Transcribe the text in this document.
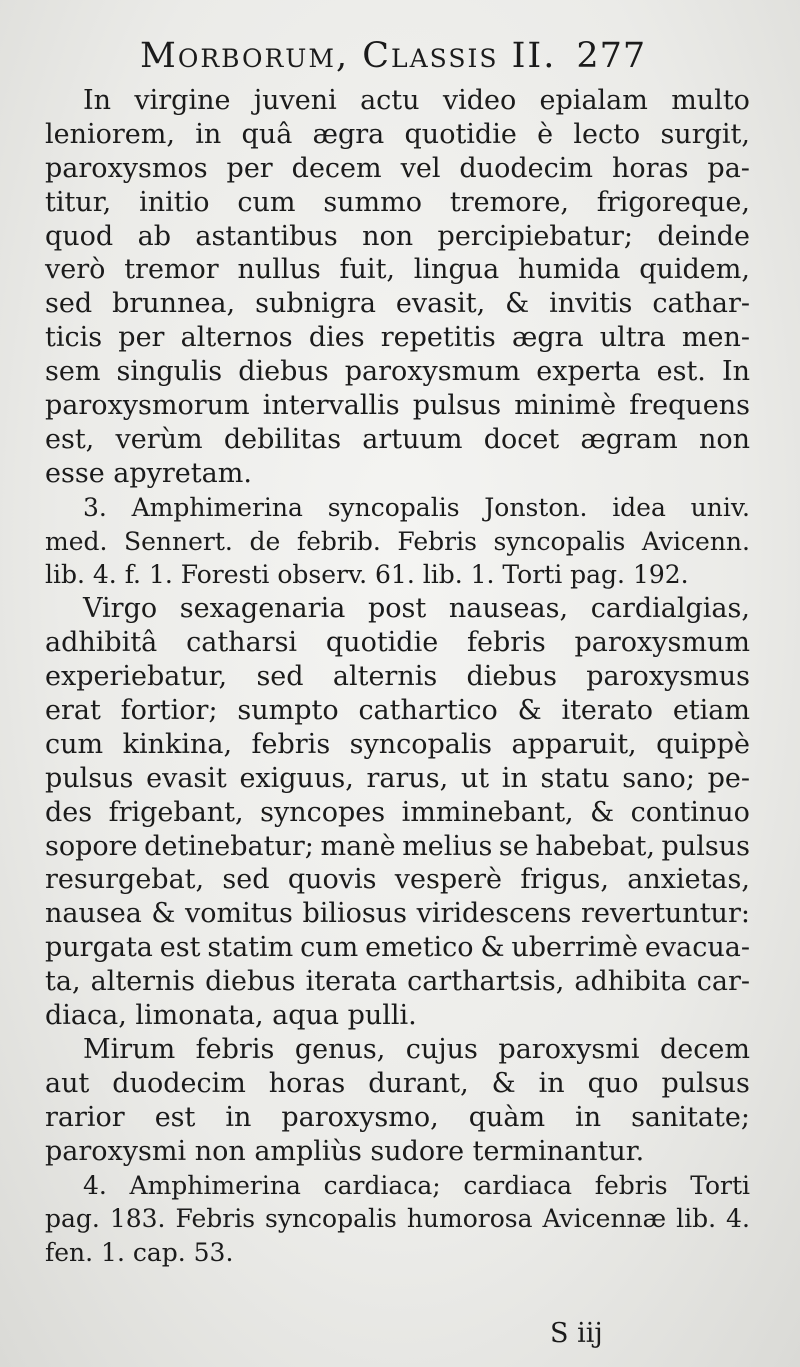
Morborum, Classis II. 277
In virgine juveni actu video epialam multo
leniorem, in quâ ægra quotidie è lecto surgit,
paroxysmos per decem vel duodecim horas pa-
titur, initio cum summo tremore, frigoreque,
quod ab astantibus non percipiebatur; deinde
verò tremor nullus fuit, lingua humida quidem,
sed brunnea, subnigra evasit, & invitis cathar-
ticis per alternos dies repetitis ægra ultra men-
sem singulis diebus paroxysmum experta est. In
paroxysmorum intervallis pulsus minimè frequens
est, verùm debilitas artuum docet ægram non
esse apyretam.
3. Amphimerina syncopalis Jonston. idea univ.
med. Sennert. de febrib. Febris syncopalis Avicenn.
lib. 4. f. 1. Foresti observ. 61. lib. 1. Torti pag. 192.
Virgo sexagenaria post nauseas, cardialgias,
adhibitâ catharsi quotidie febris paroxysmum
experiebatur, sed alternis diebus paroxysmus
erat fortior; sumpto cathartico & iterato etiam
cum kinkina, febris syncopalis apparuit, quippè
pulsus evasit exiguus, rarus, ut in statu sano; pe-
des frigebant, syncopes imminebant, & continuo
sopore detinebatur; manè melius se habebat, pulsus
resurgebat, sed quovis vesperè frigus, anxietas,
nausea & vomitus biliosus viridescens revertuntur:
purgata est statim cum emetico & uberrimè evacua-
ta, alternis diebus iterata carthartsis, adhibita car-
diaca, limonata, aqua pulli.
Mirum febris genus, cujus paroxysmi decem
aut duodecim horas durant, & in quo pulsus
rarior est in paroxysmo, quàm in sanitate;
paroxysmi non ampliùs sudore terminantur.
4. Amphimerina cardiaca; cardiaca febris Torti
pag. 183. Febris syncopalis humorosa Avicennæ lib. 4.
fen. 1. cap. 53.
S iij
